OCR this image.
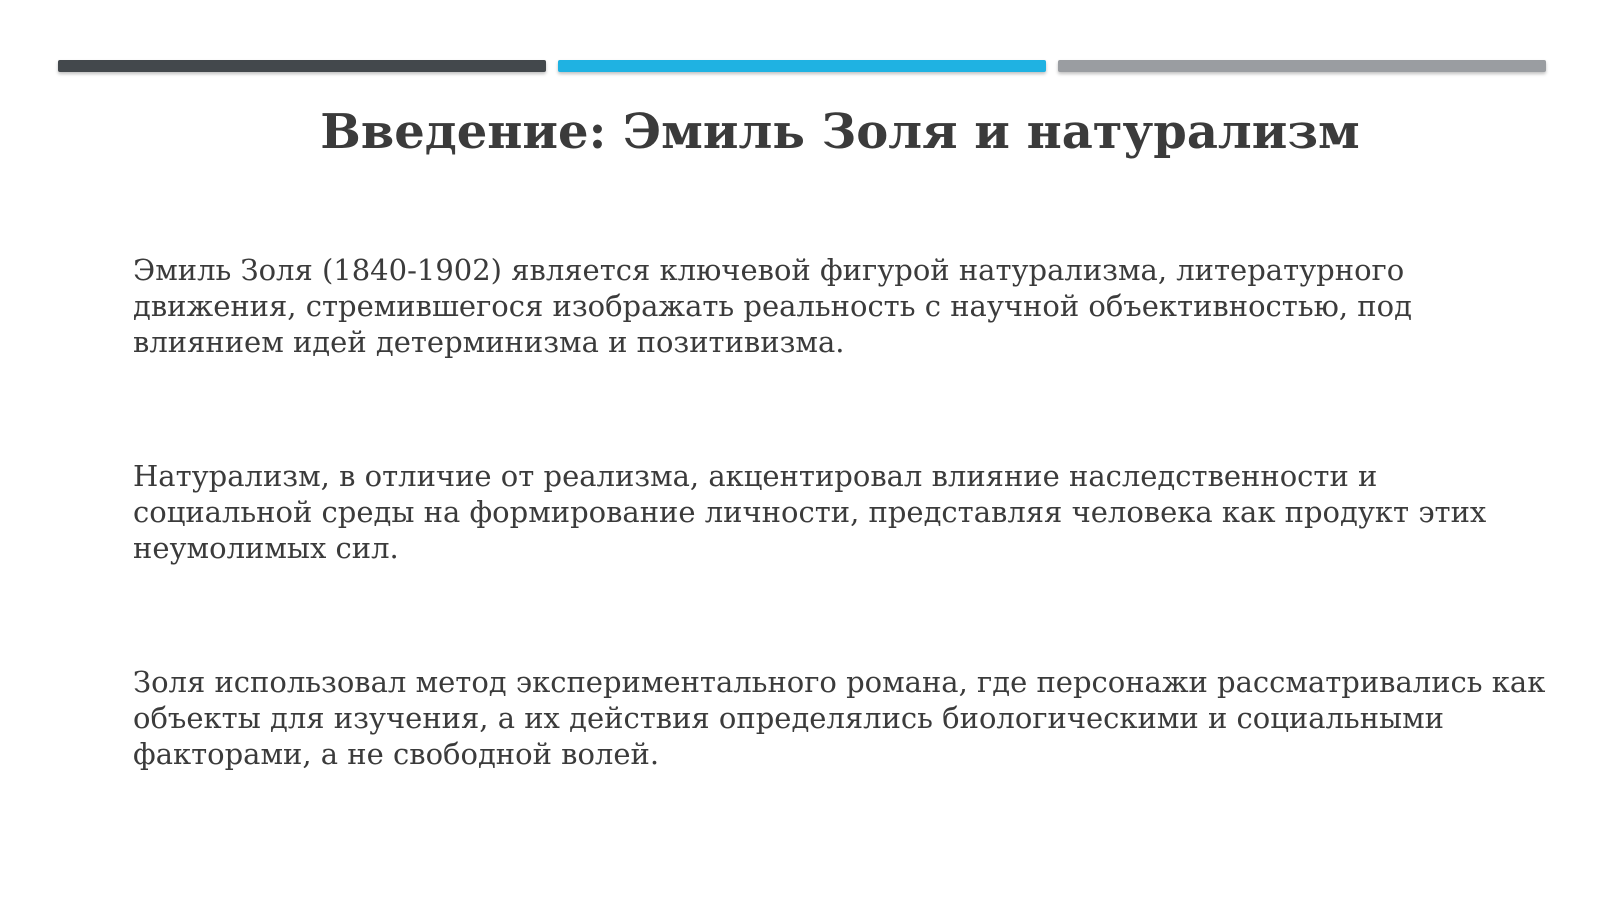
Введение: Эмиль Золя и натурализм

Эмиль Золя (1840-1902) является ключевой фигурой натурализма, литературного
движения, стремившегося изображать реальность с научной объективностью, под
влиянием идей детерминизма и позитивизма.

Натурализм, в отличие от реализма, акцентировал влияние наследственности и
социальной среды на формирование личности, представляя человека как продукт этих
неумолимых сил.

Золя использовал метод экспериментального романа, где персонажи рассматривались как
объекты для изучения, а их действия определялись биологическими и социальными
факторами, а не свободной волей.
